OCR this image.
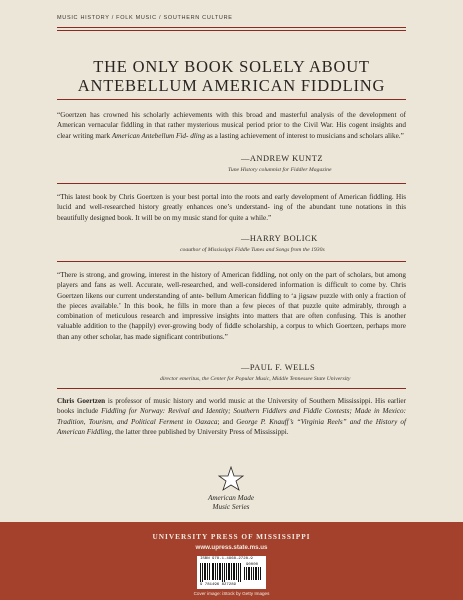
MUSIC HISTORY / FOLK MUSIC / SOUTHERN CULTURE
THE ONLY BOOK SOLELY ABOUT
ANTEBELLUM AMERICAN FIDDLING
“Goertzen has crowned his scholarly achievements with this broad and masterful analysis of the development of American vernacular fiddling in that rather mysterious musical period prior to the Civil War. His cogent insights and clear writing mark American Antebellum Fid- dling as a lasting achievement of interest to musicians and scholars alike.”
—ANDREW KUNTZ
Tune History columnist for Fiddler Magazine
“This latest book by Chris Goertzen is your best portal into the roots and early development of American fiddling. His lucid and well-researched history greatly enhances one’s understand- ing of the abundant tune notations in this beautifully designed book. It will be on my music stand for quite a while.”
—HARRY BOLICK
coauthor of Mississippi Fiddle Tunes and Songs from the 1930s
“There is strong, and growing, interest in the history of American fiddling, not only on the part of scholars, but among players and fans as well. Accurate, well-researched, and well-considered information is difficult to come by. Chris Goertzen likens our current understanding of ante- bellum American fiddling to ‘a jigsaw puzzle with only a fraction of the pieces available.’ In this book, he fills in more than a few pieces of that puzzle quite admirably, through a combination of meticulous research and impressive insights into matters that are often confusing. This is another valuable addition to the (happily) ever-growing body of fiddle scholarship, a corpus to which Goertzen, perhaps more than any other scholar, has made significant contributions.”
—PAUL F. WELLS
director emeritus, the Center for Popular Music, Middle Tennessee State University
Chris Goertzen is professor of music history and world music at the University of Southern Mississippi. His earlier books include Fiddling for Norway: Revival and Identity; Southern Fiddlers and Fiddle Contests; Made in Mexico: Tradition, Tourism, and Political Ferment in Oaxaca; and George P. Knauff’s “Virginia Reels” and the History of American Fiddling, the latter three published by University Press of Mississippi.
American Made
Music Series
UNIVERSITY PRESS OF MISSISSIPPI
www.upress.state.ms.us
ISBN 978-1-4968-2728-9
90000
9 781496 827289
Cover image: iStock by Getty Images
